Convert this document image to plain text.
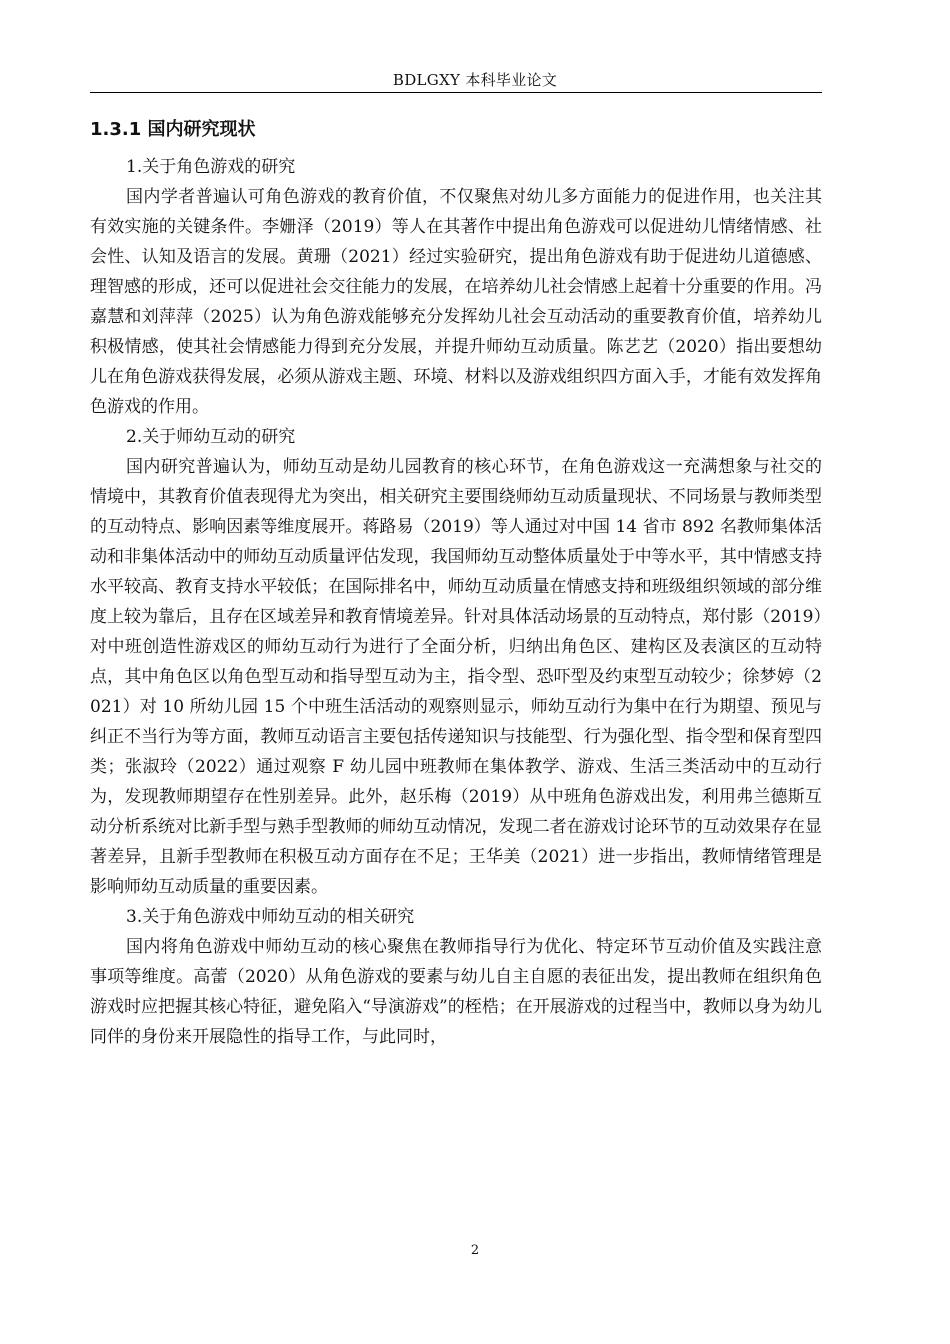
BDLGXY 本科毕业论文
1.3.1 国内研究现状

1.关于角色游戏的研究

国内学者普遍认可角色游戏的教育价值，不仅聚焦对幼儿多方面能力的促进作用，也关注其有效实施的关键条件。李姗泽（2019）等人在其著作中提出角色游戏可以促进幼儿情绪情感、社会性、认知及语言的发展。黄珊（2021）经过实验研究，提出角色游戏有助于促进幼儿道德感、理智感的形成，还可以促进社会交往能力的发展，在培养幼儿社会情感上起着十分重要的作用。冯嘉慧和刘萍萍（2025）认为角色游戏能够充分发挥幼儿社会互动活动的重要教育价值，培养幼儿积极情感，使其社会情感能力得到充分发展，并提升师幼互动质量。陈艺艺（2020）指出要想幼儿在角色游戏获得发展，必须从游戏主题、环境、材料以及游戏组织四方面入手，才能有效发挥角色游戏的作用。

2.关于师幼互动的研究

国内研究普遍认为，师幼互动是幼儿园教育的核心环节，在角色游戏这一充满想象与社交的情境中，其教育价值表现得尤为突出，相关研究主要围绕师幼互动质量现状、不同场景与教师类型的互动特点、影响因素等维度展开。蒋路易（2019）等人通过对中国 14 省市 892 名教师集体活动和非集体活动中的师幼互动质量评估发现，我国师幼互动整体质量处于中等水平，其中情感支持水平较高、教育支持水平较低；在国际排名中，师幼互动质量在情感支持和班级组织领域的部分维度上较为靠后，且存在区域差异和教育情境差异。针对具体活动场景的互动特点，郑付影（2019）对中班创造性游戏区的师幼互动行为进行了全面分析，归纳出角色区、建构区及表演区的互动特点，其中角色区以角色型互动和指导型互动为主，指令型、恐吓型及约束型互动较少；徐梦婷（2021）对 10 所幼儿园 15 个中班生活活动的观察则显示，师幼互动行为集中在行为期望、预见与纠正不当行为等方面，教师互动语言主要包括传递知识与技能型、行为强化型、指令型和保育型四类；张淑玲（2022）通过观察 F 幼儿园中班教师在集体教学、游戏、生活三类活动中的互动行为，发现教师期望存在性别差异。此外，赵乐梅（2019）从中班角色游戏出发，利用弗兰德斯互动分析系统对比新手型与熟手型教师的师幼互动情况，发现二者在游戏讨论环节的互动效果存在显著差异，且新手型教师在积极互动方面存在不足；王华美（2021）进一步指出，教师情绪管理是影响师幼互动质量的重要因素。

3.关于角色游戏中师幼互动的相关研究

国内将角色游戏中师幼互动的核心聚焦在教师指导行为优化、特定环节互动价值及实践注意事项等维度。高蕾（2020）从角色游戏的要素与幼儿自主自愿的表征出发，提出教师在组织角色游戏时应把握其核心特征，避免陷入“导演游戏”的桎梏；在开展游戏的过程当中，教师以身为幼儿同伴的身份来开展隐性的指导工作，与此同时，

2
